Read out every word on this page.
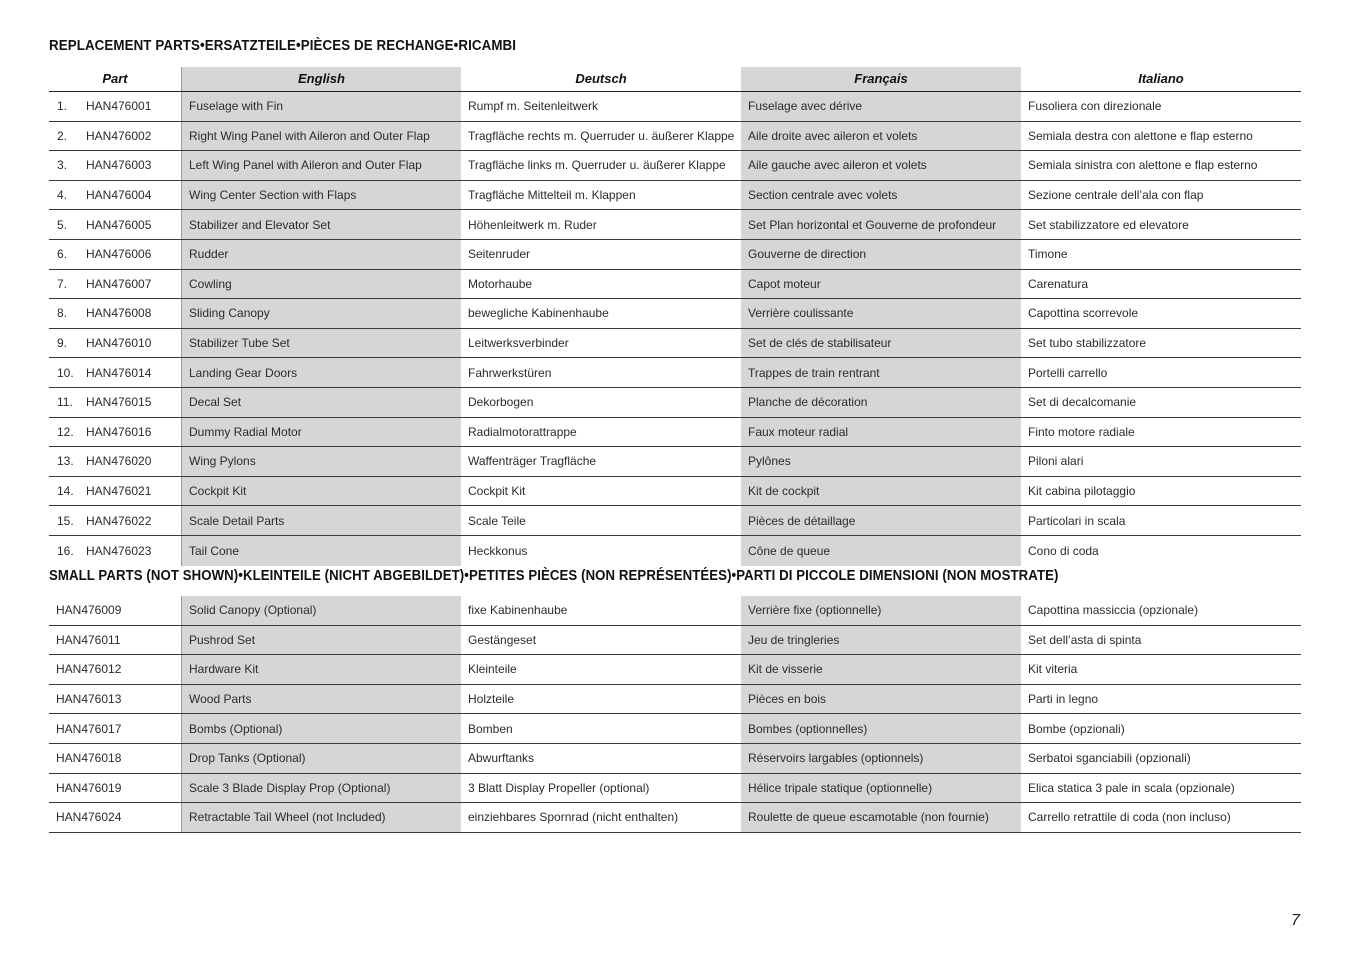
REPLACEMENT PARTS•ERSATZTEILE•PIÈCES DE RECHANGE•RICAMBI
Part	English	Deutsch	Français	Italiano
1.	HAN476001	Fuselage with Fin	Rumpf m. Seitenleitwerk	Fuselage avec dérive	Fusoliera con direzionale
2.	HAN476002	Right Wing Panel with Aileron and Outer Flap	Tragfläche rechts m. Querruder u. äußerer Klappe	Aile droite avec aileron et volets	Semiala destra con alettone e flap esterno
3.	HAN476003	Left Wing Panel with Aileron and Outer Flap	Tragfläche links m. Querruder u. äußerer Klappe	Aile gauche avec aileron et volets	Semiala sinistra con alettone e flap esterno
4.	HAN476004	Wing Center Section with Flaps	Tragfläche Mittelteil m. Klappen	Section centrale avec volets	Sezione centrale dell’ala con flap
5.	HAN476005	Stabilizer and Elevator Set	Höhenleitwerk m. Ruder	Set Plan horizontal et Gouverne de profondeur	Set stabilizzatore ed elevatore
6.	HAN476006	Rudder	Seitenruder	Gouverne de direction	Timone
7.	HAN476007	Cowling	Motorhaube	Capot moteur	Carenatura
8.	HAN476008	Sliding Canopy	bewegliche Kabinenhaube	Verrière coulissante	Capottina scorrevole
9.	HAN476010	Stabilizer Tube Set	Leitwerksverbinder	Set de clés de stabilisateur	Set tubo stabilizzatore
10.	HAN476014	Landing Gear Doors	Fahrwerkstüren	Trappes de train rentrant	Portelli carrello
11.	HAN476015	Decal Set	Dekorbogen	Planche de décoration	Set di decalcomanie
12.	HAN476016	Dummy Radial Motor	Radialmotorattrappe	Faux moteur radial	Finto motore radiale
13.	HAN476020	Wing Pylons	Waffenträger Tragfläche	Pylônes	Piloni alari
14.	HAN476021	Cockpit Kit	Cockpit Kit	Kit de cockpit	Kit cabina pilotaggio
15.	HAN476022	Scale Detail Parts	Scale Teile	Pièces de détaillage	Particolari in scala
16.	HAN476023	Tail Cone	Heckkonus	Cône de queue	Cono di coda
SMALL PARTS (NOT SHOWN)•KLEINTEILE (NICHT ABGEBILDET)•PETITES PIÈCES (NON REPRÉSENTÉES)•PARTI DI PICCOLE DIMENSIONI (NON MOSTRATE)
HAN476009	Solid Canopy (Optional)	fixe Kabinenhaube	Verrière fixe (optionnelle)	Capottina massiccia (opzionale)
HAN476011	Pushrod Set	Gestängeset	Jeu de tringleries	Set dell’asta di spinta
HAN476012	Hardware Kit	Kleinteile	Kit de visserie	Kit viteria
HAN476013	Wood Parts	Holzteile	Pièces en bois	Parti in legno
HAN476017	Bombs (Optional)	Bomben	Bombes (optionnelles)	Bombe (opzionali)
HAN476018	Drop Tanks (Optional)	Abwurftanks	Réservoirs largables (optionnels)	Serbatoi sganciabili (opzionali)
HAN476019	Scale 3 Blade Display Prop (Optional)	3 Blatt Display Propeller (optional)	Hélice tripale statique (optionnelle)	Elica statica 3 pale in scala (opzionale)
HAN476024	Retractable Tail Wheel (not Included)	einziehbares Spornrad (nicht enthalten)	Roulette de queue escamotable (non fournie)	Carrello retrattile di coda (non incluso)
7
